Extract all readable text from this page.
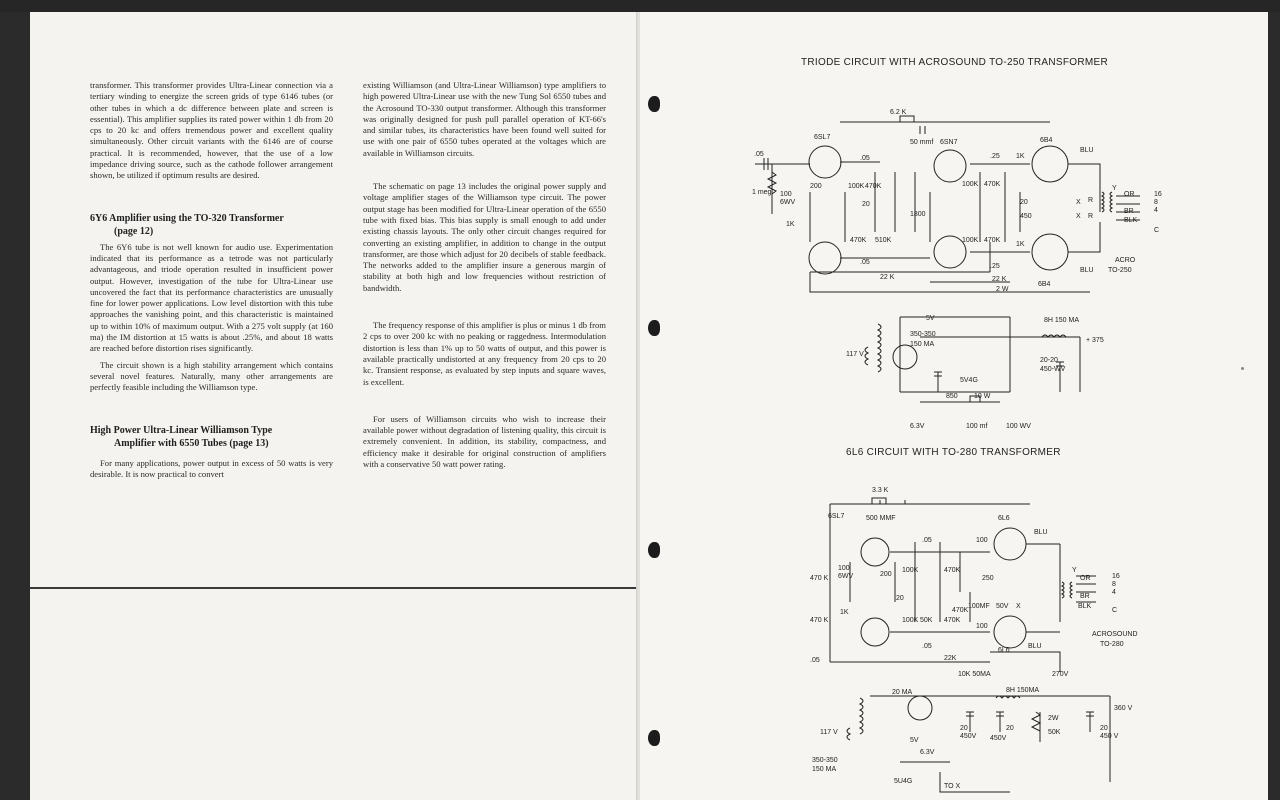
transformer. This transformer provides Ultra-Linear connection via a tertiary winding to energize the screen grids of type 6146 tubes (or other tubes in which a dc difference between plate and screen is essential). This amplifier supplies its rated power within 1 db from 20 cps to 20 kc and offers tremendous power and excellent quality simultaneously. Other circuit variants with the 6146 are of course practical. It is recommended, however, that the use of a low impedance driving source, such as the cathode follower arrangement shown, be utilized if optimum results are desired.

6Y6 Amplifier using the TO-320 Transformer
(page 12)

The 6Y6 tube is not well known for audio use. Experimentation indicated that its performance as a tetrode was not particularly advantageous, and triode operation resulted in insufficient power output. However, investigation of the tube for Ultra-Linear use uncovered the fact that its performance characteristics are unusually fine for lower power applications. Low level distortion with this tube approaches the vanishing point, and this characteristic is maintained up to within 10% of maximum output. With a 275 volt supply (at 160 ma) the IM distortion at 15 watts is about .25%, and about 18 watts are reached before distortion rises significantly.

The circuit shown is a high stability arrangement which contains several novel features. Naturally, many other arrangements are perfectly feasible including the Williamson type.

High Power Ultra-Linear Williamson Type
Amplifier with 6550 Tubes (page 13)

For many applications, power output in excess of 50 watts is very desirable. It is now practical to convert

existing Williamson (and Ultra-Linear Williamson) type amplifiers to high powered Ultra-Linear use with the new Tung Sol 6550 tubes and the Acrosound TO-330 output transformer. Although this transformer was originally designed for push pull parallel operation of KT-66's and similar tubes, its characteristics have been found well suited for use with one pair of 6550 tubes operated at the voltages which are available in Williamson circuits.

The schematic on page 13 includes the original power supply and voltage amplifier stages of the Williamson type circuit. The power output stage has been modified for Ultra-Linear operation of the 6550 tube with fixed bias. This bias supply is small enough to add under existing chassis layouts. The only other circuit changes required for converting an existing amplifier, in addition to change in the output transformer, are those which adjust for 20 decibels of stable feedback. The networks added to the amplifier insure a generous margin of stability at both high and low frequencies without restriction of bandwidth.

The frequency response of this amplifier is plus or minus 1 db from 2 cps to over 200 kc with no peaking or raggedness. Intermodulation distortion is less than 1% up to 50 watts of output, and this power is available practically undistorted at any frequency from 20 cps to 20 kc. Transient response, as evaluated by step inputs and square waves, is excellent.

For users of Williamson circuits who wish to increase their available power without degradation of listening quality, this circuit is extremely convenient. In addition, its stability, compactness, and efficiency make it desirable for original construction of amplifiers with a conservative 50 watt power rating.

TRIODE CIRCUIT WITH ACROSOUND TO-250 TRANSFORMER
6.2 K
50 mmf
6SL7
6SN7	6B4
6B4
.05
1 meg 100
6WV
1K
200	100K 470K
470K
.05
.05
20
510K
1800
100K
100K
470K
470K
.25
.25
1K
1K
20
450
22 K	22 K
2 W
BLU
BLU
R
R
Y
OR
BR
BLK
16
8
4
C
ACRO
TO-250
5V	8H 150 MA
+ 375
350-350
150 MA
117 V
20-20
450-WV
5V4G
850 10 W
6.3V	100 mf	100 WV
X
X
6L6 CIRCUIT WITH TO-280 TRANSFORMER
3.3 K
500 MMF
6SL7	6L6
6L6
.05
.05
.05
100
100
470 K
470 K
470K
470K
470K
100
6WV
1K
200
100K
100K
20
50K
250
100MF 50V X
22K
10K 50MA	270V
BLU
BLU
Y
OR
BR
BLK
16
8
4
C
ACROSOUND
TO-280
8H 150MA
360 V
117 V
20
450V
20
450V
20
450 V
50K
2W
5V
6.3V
350-350
150 MA
5U4G
TO X
20 MA
